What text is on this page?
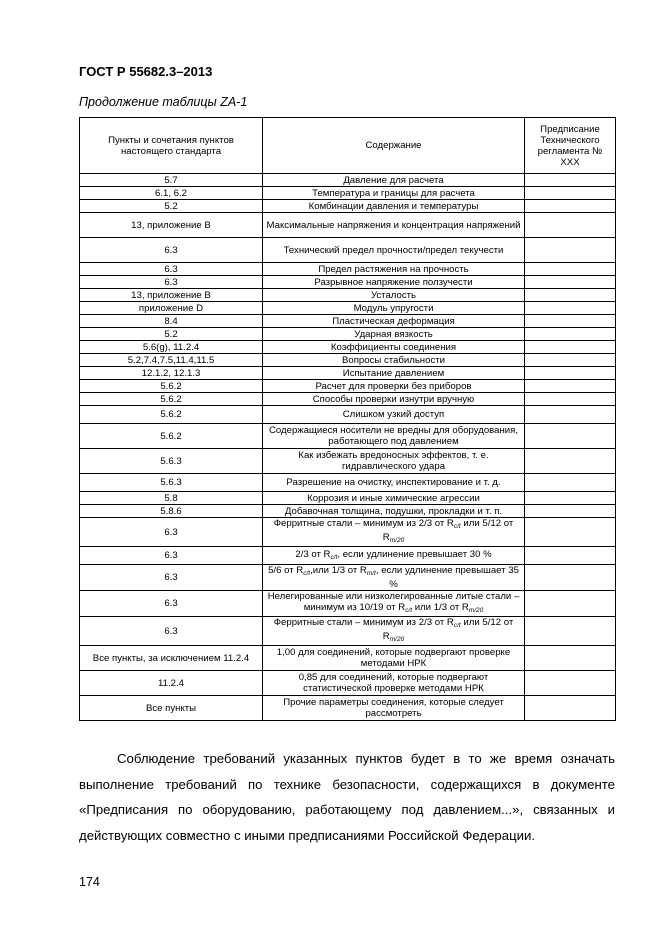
ГОСТ Р 55682.3–2013
Продолжение таблицы ZA-1
Пункты и сочетания пунктов настоящего стандарта	Содержание	Предписание Технического регламента № XXX
5.7	Давление для расчета	
6.1, 6.2	Температура и границы для расчета	
5.2	Комбинации давления и температуры	
13, приложение В	Максимальные напряжения и концентрация напряжений	
6.3	Технический предел прочности/предел текучести	
6.3	Предел растяжения на прочность	
6.3	Разрывное напряжение ползучести	
13, приложение В	Усталость	
приложение D	Модуль упругости	
8.4	Пластическая деформация	
5.2	Ударная вязкость	
5.6(g), 11.2.4	Коэффициенты соединения	
5.2,7.4,7.5,11.4,11.5	Вопросы стабильности	
12.1.2, 12.1.3	Испытание давлением	
5.6.2	Расчет для проверки без приборов	
5.6.2	Способы проверки изнутри вручную	
5.6.2	Слишком узкий доступ	
5.6.2	Содержащиеся носители не вредны для оборудования, работающего под давлением	
5.6.3	Как избежать вредоносных эффектов, т. е. гидравлического удара	
5.6.3	Разрешение на очистку, инспектирование и т. д.	
5.8	Коррозия и иные химические агрессии	
5.8.6	Добавочная толщина, подушки, прокладки и т. п.	
6.3	Ферритные стали – минимум из 2/3 от $R_{c/t}$ или 5/12 от $R_{m/20}$	
6.3	2/3 от $R_{c/t}$, если удлинение превышает 30 %	
6.3	5/6 от $R_{c/t},или$ 1/3 от $R_{m/t}$, если удлинение превышает 35 %	
6.3	Нелегированные или низколегированные литые стали – минимум из 10/19 от $R_{c/t}$ или 1/3 от $R_{m/20}$	
6.3	Ферритные стали – минимум из 2/3 от $R_{c/t}$ или 5/12 от $R_{m/20}$	
Все пункты, за исключением 11.2.4	1,00 для соединений, которые подвергают проверке методами НРК	
11.2.4	0,85 для соединений, которые подвергают статистической проверке методами НРК	
Все пункты	Прочие параметры соединения, которые следует рассмотреть	

Соблюдение требований указанных пунктов будет в то же время означать выполнение требований по технике безопасности, содержащихся в документе «Предписания по оборудованию, работающему под давлением...», связанных и действующих совместно с иными предписаниями Российской Федерации.

174
